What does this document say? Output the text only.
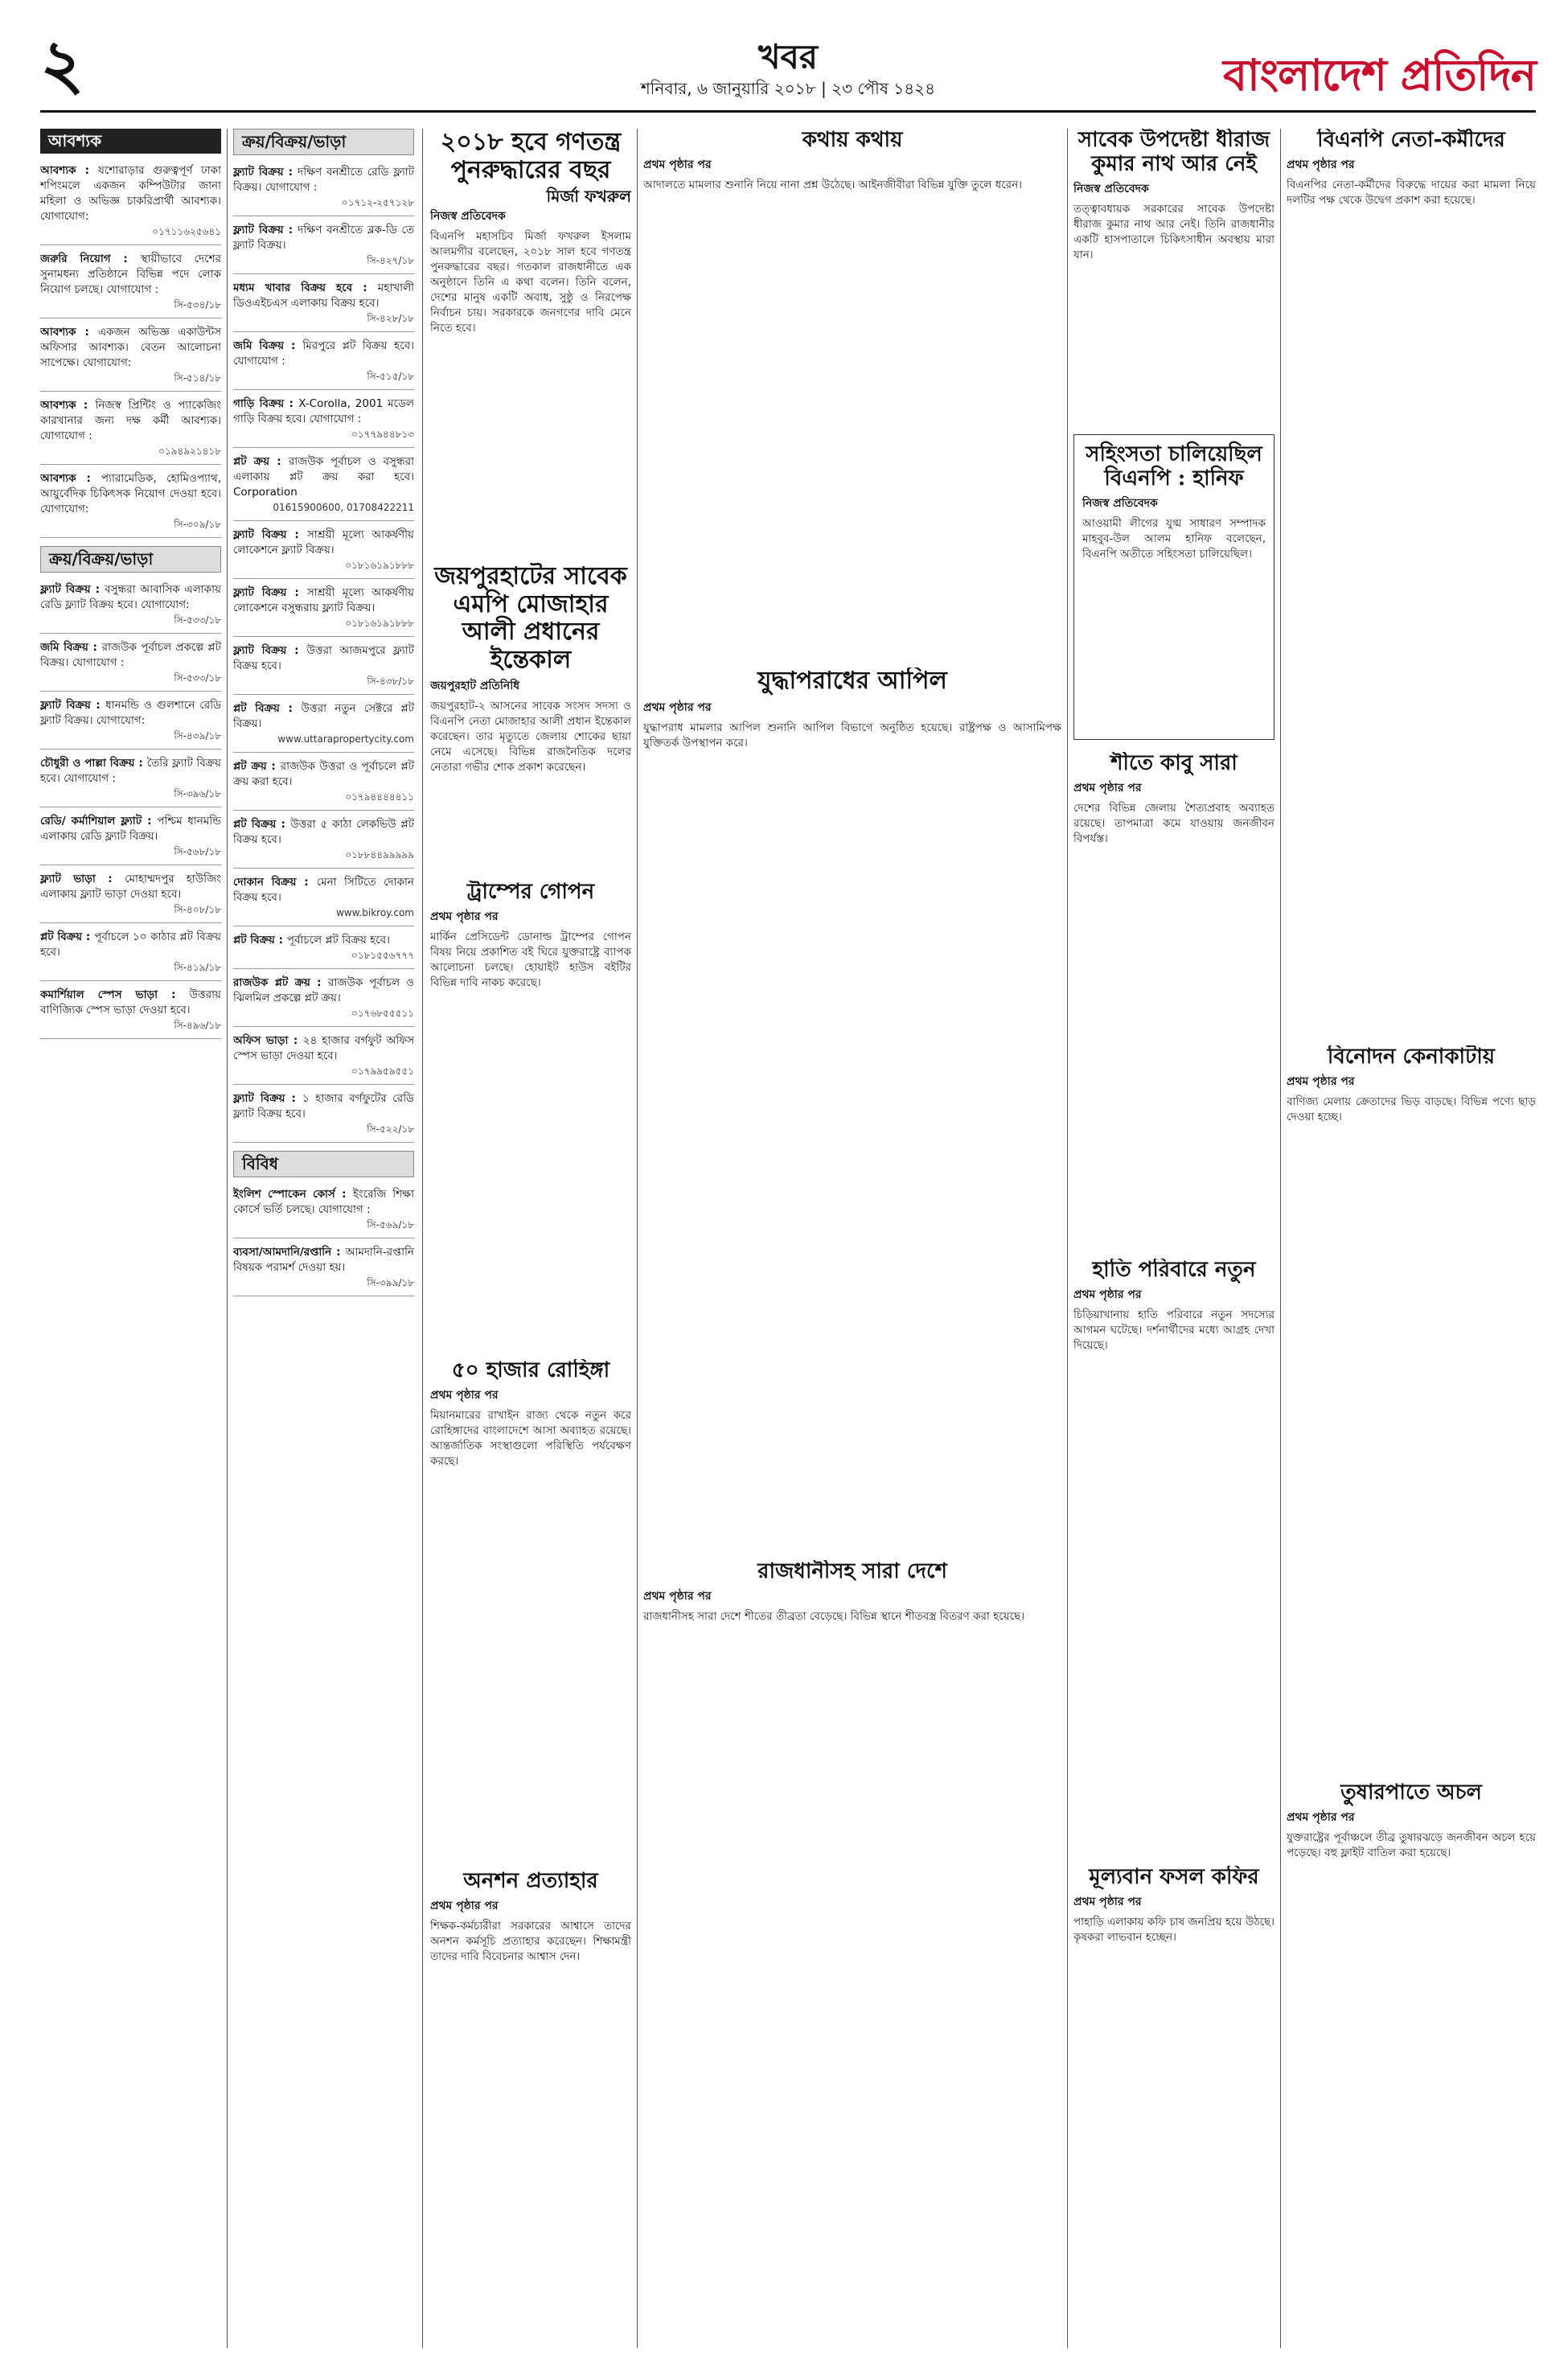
২	খবর
শনিবার, ৬ জানুয়ারি ২০১৮ | ২৩ পৌষ ১৪২৪	বাংলাদেশ প্রতিদিন
আবশ্যক
আবশ্যক : যশোরাড়ার গুরুত্বপূর্ণ ঢাকা শপিংমলে একজন কম্পিউটার জানা মহিলা ও অভিজ্ঞ চাকরিপ্রার্থী আবশ্যক। যোগাযোগ:
০১৭১১৬২৫৬৪১
জরুরি নিয়োগ : স্থায়ীভাবে দেশের সুনামধন্য প্রতিষ্ঠানে বিভিন্ন পদে লোক নিয়োগ চলছে। যোগাযোগ :
সি-৫৩৪/১৮
আবশ্যক : একজন অভিজ্ঞ একাউন্টস অফিসার আবশ্যক। বেতন আলোচনা সাপেক্ষে। যোগাযোগ:
সি-৫১৪/১৮
আবশ্যক : নিজস্ব প্রিন্টিং ও প্যাকেজিং কারখানার জন্য দক্ষ কর্মী আবশ্যক। যোগাযোগ :
০১৯৪৯২১৪১৮
আবশ্যক : প্যারামেডিক, হোমিওপ্যাথ, আয়ুর্বেদিক চিকিৎসক নিয়োগ দেওয়া হবে। যোগাযোগ:
সি-৩০৯/১৮
ক্রয়/বিক্রয়/ভাড়া
ফ্ল্যাট বিক্রয় : বসুন্ধরা আবাসিক এলাকায় রেডি ফ্ল্যাট বিক্রয় হবে। যোগাযোগ:
সি-৫৩৩/১৮
জমি বিক্রয় : রাজউক পূর্বাচল প্রকল্পে প্লট বিক্রয়। যোগাযোগ :
সি-৫৩৩/১৮
ফ্ল্যাট বিক্রয় : ধানমন্ডি ও গুলশানে রেডি ফ্ল্যাট বিক্রয়। যোগাযোগ:
সি-৪৩৯/১৮
চৌধুরী ও পাল্লা বিক্রয় : তৈরি ফ্ল্যাট বিক্রয় হবে। যোগাযোগ :
সি-৩৯৬/১৮
রেডি/ কর্মাশিয়াল ফ্ল্যাট : পশ্চিম ধানমন্ডি এলাকায় রেডি ফ্ল্যাট বিক্রয়।
সি-৫৬৮/১৮
ফ্ল্যাট ভাড়া : মোহাম্মদপুর হাউজিং এলাকায় ফ্ল্যাট ভাড়া দেওয়া হবে।
সি-৪০৮/১৮
প্লট বিক্রয় : পূর্বাচলে ১০ কাঠার প্লট বিক্রয় হবে।
সি-৪১৯/১৮
কমার্শিয়াল স্পেস ভাড়া : উত্তরায় বাণিজ্যিক স্পেস ভাড়া দেওয়া হবে।
সি-৪৯৬/১৮
ক্রয়/বিক্রয়/ভাড়া
ফ্ল্যাট বিক্রয় : দক্ষিণ বনশ্রীতে রেডি ফ্ল্যাট বিক্রয়। যোগাযোগ :
০১৭১২-২৫৭১২৮
ফ্ল্যাট বিক্রয় : দক্ষিণ বনশ্রীতে ব্লক-ডি তে ফ্ল্যাট বিক্রয়।
সি-৪২৭/১৮
মধ্যম খাবার বিক্রয় হবে : মহাখালী ডিওএইচএস এলাকায় বিক্রয় হবে।
সি-৪২৮/১৮
জমি বিক্রয় : মিরপুরে প্লট বিক্রয় হবে। যোগাযোগ :
সি-৫১৫/১৮
গাড়ি বিক্রয় : X-Corolla, 2001 মডেল গাড়ি বিক্রয় হবে। যোগাযোগ :
০১৭৭৯৪৪৮১৩
প্লট ক্রয় : রাজউক পূর্বাচল ও বসুন্ধরা এলাকায় প্লট ক্রয় করা হবে। Corporation
01615900600, 01708422211
ফ্ল্যাট বিক্রয় : সাশ্রয়ী মূল্যে আকর্ষণীয় লোকেশনে ফ্ল্যাট বিক্রয়।
০১৮১৬১৯১৮৮৮
ফ্ল্যাট বিক্রয় : সাশ্রয়ী মূল্যে আকর্ষণীয় লোকেশনে বসুন্ধরায় ফ্ল্যাট বিক্রয়।
০১৮১৬১৯১৮৮৮
ফ্ল্যাট বিক্রয় : উত্তরা আজমপুরে ফ্ল্যাট বিক্রয় হবে।
সি-৪৩৮/১৮
প্লট বিক্রয় : উত্তরা নতুন সেক্টরে প্লট বিক্রয়।
www.uttarapropertycity.com
প্লট ক্রয় : রাজউক উত্তরা ও পূর্বাচলে প্লট ক্রয় করা হবে।
০১৭৯৪৪৪৪৪১১
প্লট বিক্রয় : উত্তরা ৫ কাঠা লেকভিউ প্লট বিক্রয় হবে।
০১৮৮৪৪৯৯৯৯৯
দোকান বিক্রয় : মেনা সিটিতে দোকান বিক্রয় হবে।
www.bikroy.com
প্লট বিক্রয় : পূর্বাচলে প্লট বিক্রয় হবে।
০১৮১৫৫৬৭৭৭
রাজউক প্লট ক্রয় : রাজউক পূর্বাচল ও ঝিলমিল প্রকল্পে প্লট ক্রয়।
০১৭৬৮৫৫৫১১
অফিস ভাড়া : ২৪ হাজার বর্গফুট অফিস স্পেস ভাড়া দেওয়া হবে।
০১৭৯৯৫৯৫৫১
ফ্ল্যাট বিক্রয় : ১ হাজার বর্গফুটের রেডি ফ্ল্যাট বিক্রয় হবে।
সি-৫২২/১৮
বিবিধ
ইংলিশ স্পোকেন কোর্স : ইংরেজি শিক্ষা কোর্সে ভর্তি চলছে। যোগাযোগ :
সি-৫৬৯/১৮
ব্যবসা/আমদানি/রপ্তানি : আমদানি-রপ্তানি বিষয়ক পরামর্শ দেওয়া হয়।
সি-৩৯৯/১৮
২০১৮ হবে গণতন্ত্র পুনরুদ্ধারের বছর
মির্জা ফখরুল
নিজস্ব প্রতিবেদক
বিএনপি মহাসচিব মির্জা ফখরুল ইসলাম আলমগীর বলেছেন, ২০১৮ সাল হবে গণতন্ত্র পুনরুদ্ধারের বছর। গতকাল রাজধানীতে এক অনুষ্ঠানে তিনি এ কথা বলেন। তিনি বলেন, দেশের মানুষ একটি অবাধ, সুষ্ঠু ও নিরপেক্ষ নির্বাচন চায়। সরকারকে জনগণের দাবি মেনে নিতে হবে।
জয়পুরহাটের সাবেক এমপি মোজাহার আলী প্রধানের ইন্তেকাল
জয়পুরহাট প্রতিনিধি
জয়পুরহাট-২ আসনের সাবেক সংসদ সদস্য ও বিএনপি নেতা মোজাহার আলী প্রধান ইন্তেকাল করেছেন। তার মৃত্যুতে জেলায় শোকের ছায়া নেমে এসেছে। বিভিন্ন রাজনৈতিক দলের নেতারা গভীর শোক প্রকাশ করেছেন।
ট্রাম্পের গোপন
প্রথম পৃষ্ঠার পর
মার্কিন প্রেসিডেন্ট ডোনাল্ড ট্রাম্পের গোপন বিষয় নিয়ে প্রকাশিত বই ঘিরে যুক্তরাষ্ট্রে ব্যাপক আলোচনা চলছে। হোয়াইট হাউস বইটির বিভিন্ন দাবি নাকচ করেছে।
৫০ হাজার রোহিঙ্গা
প্রথম পৃষ্ঠার পর
মিয়ানমারের রাখাইন রাজ্য থেকে নতুন করে রোহিঙ্গাদের বাংলাদেশে আসা অব্যাহত রয়েছে। আন্তর্জাতিক সংস্থাগুলো পরিস্থিতি পর্যবেক্ষণ করছে।
অনশন প্রত্যাহার
প্রথম পৃষ্ঠার পর
শিক্ষক-কর্মচারীরা সরকারের আশ্বাসে তাদের অনশন কর্মসূচি প্রত্যাহার করেছেন। শিক্ষামন্ত্রী তাদের দাবি বিবেচনার আশ্বাস দেন।
কথায় কথায়
প্রথম পৃষ্ঠার পর
আদালতে মামলার শুনানি নিয়ে নানা প্রশ্ন উঠেছে। আইনজীবীরা বিভিন্ন যুক্তি তুলে ধরেন।
যুদ্ধাপরাধের আপিল
প্রথম পৃষ্ঠার পর
যুদ্ধাপরাধ মামলার আপিল শুনানি আপিল বিভাগে অনুষ্ঠিত হয়েছে। রাষ্ট্রপক্ষ ও আসামিপক্ষ যুক্তিতর্ক উপস্থাপন করে।
রাজধানীসহ সারা দেশে
প্রথম পৃষ্ঠার পর
রাজধানীসহ সারা দেশে শীতের তীব্রতা বেড়েছে। বিভিন্ন স্থানে শীতবস্ত্র বিতরণ করা হয়েছে।
সাবেক উপদেষ্টা ধীরাজ কুমার নাথ আর নেই
নিজস্ব প্রতিবেদক
তত্ত্বাবধায়ক সরকারের সাবেক উপদেষ্টা ধীরাজ কুমার নাথ আর নেই। তিনি রাজধানীর একটি হাসপাতালে চিকিৎসাধীন অবস্থায় মারা যান।
সহিংসতা চালিয়েছিল বিএনপি : হানিফ
নিজস্ব প্রতিবেদক
আওয়ামী লীগের যুগ্ম সাধারণ সম্পাদক মাহবুব-উল আলম হানিফ বলেছেন, বিএনপি অতীতে সহিংসতা চালিয়েছিল।
শীতে কাবু সারা
প্রথম পৃষ্ঠার পর
দেশের বিভিন্ন জেলায় শৈত্যপ্রবাহ অব্যাহত রয়েছে। তাপমাত্রা কমে যাওয়ায় জনজীবন বিপর্যস্ত।
হাতি পরিবারে নতুন
প্রথম পৃষ্ঠার পর
চিড়িয়াখানায় হাতি পরিবারে নতুন সদস্যের আগমন ঘটেছে। দর্শনার্থীদের মধ্যে আগ্রহ দেখা দিয়েছে।
মূল্যবান ফসল কফির
প্রথম পৃষ্ঠার পর
পাহাড়ি এলাকায় কফি চাষ জনপ্রিয় হয়ে উঠছে। কৃষকরা লাভবান হচ্ছেন।
বিএনপি নেতা-কর্মীদের
প্রথম পৃষ্ঠার পর
বিএনপির নেতা-কর্মীদের বিরুদ্ধে দায়ের করা মামলা নিয়ে দলটির পক্ষ থেকে উদ্বেগ প্রকাশ করা হয়েছে।
বিনোদন কেনাকাটায়
প্রথম পৃষ্ঠার পর
বাণিজ্য মেলায় ক্রেতাদের ভিড় বাড়ছে। বিভিন্ন পণ্যে ছাড় দেওয়া হচ্ছে।
তুষারপাতে অচল
প্রথম পৃষ্ঠার পর
যুক্তরাষ্ট্রের পূর্বাঞ্চলে তীব্র তুষারঝড়ে জনজীবন অচল হয়ে পড়েছে। বহু ফ্লাইট বাতিল করা হয়েছে।
